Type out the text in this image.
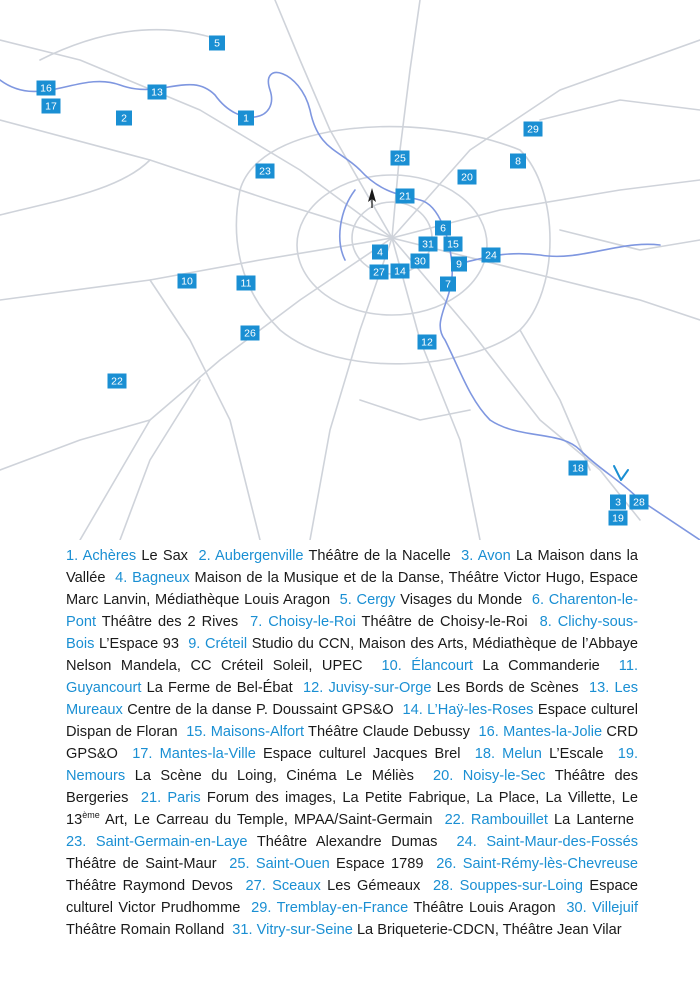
1
2
3
4
5
6
7
8
9
10	11
12
13
14
15
16
17
18
19
20
21
22
23
24
25
26
27
28
29
30
31
1. Achères Le Sax 2. Aubergenville Théâtre de la Nacelle 3. Avon La Maison dans la Vallée 4. Bagneux Maison de la Musique et de la Danse, Théâtre Victor Hugo, Espace Marc Lanvin, Médiathèque Louis Aragon 5. Cergy Visages du Monde 6. Charenton-le-Pont Théâtre des 2 Rives 7. Choisy-le-Roi Théâtre de Choisy-le-Roi 8. Clichy-sous-Bois L’Espace 93 9. Créteil Studio du CCN, Maison des Arts, Médiathèque de l’Abbaye Nelson Mandela, CC Créteil Soleil, UPEC 10. Élancourt La Commanderie 11. Guyancourt La Ferme de Bel-Ébat 12. Juvisy-sur-Orge Les Bords de Scènes 13. Les Mureaux Centre de la danse P. Doussaint GPS&O 14. L’Haÿ-les-Roses Espace culturel Dispan de Floran 15. Maisons-Alfort Théâtre Claude Debussy 16. Mantes-la-Jolie CRD GPS&O 17. Mantes-la-Ville Espace culturel Jacques Brel 18. Melun L’Escale 19. Nemours La Scène du Loing, Cinéma Le Méliès 20. Noisy-le-Sec Théâtre des Bergeries 21. Paris Forum des images, La Petite Fabrique, La Place, La Villette, Le 13ème Art, Le Carreau du Temple, MPAA/Saint-Germain 22. Rambouillet La Lanterne  23. Saint-Germain-en-Laye Théâtre Alexandre Dumas 24. Saint-Maur-des-Fossés Théâtre de Saint-Maur 25. Saint-Ouen Espace 1789 26. Saint-Rémy-lès-Chevreuse Théâtre Raymond Devos 27. Sceaux Les Gémeaux 28. Souppes-sur-Loing Espace culturel Victor Prudhomme 29. Tremblay-en-France Théâtre Louis Aragon 30. Villejuif Théâtre Romain Rolland 31. Vitry-sur-Seine La Briqueterie-CDCN, Théâtre Jean Vilar
